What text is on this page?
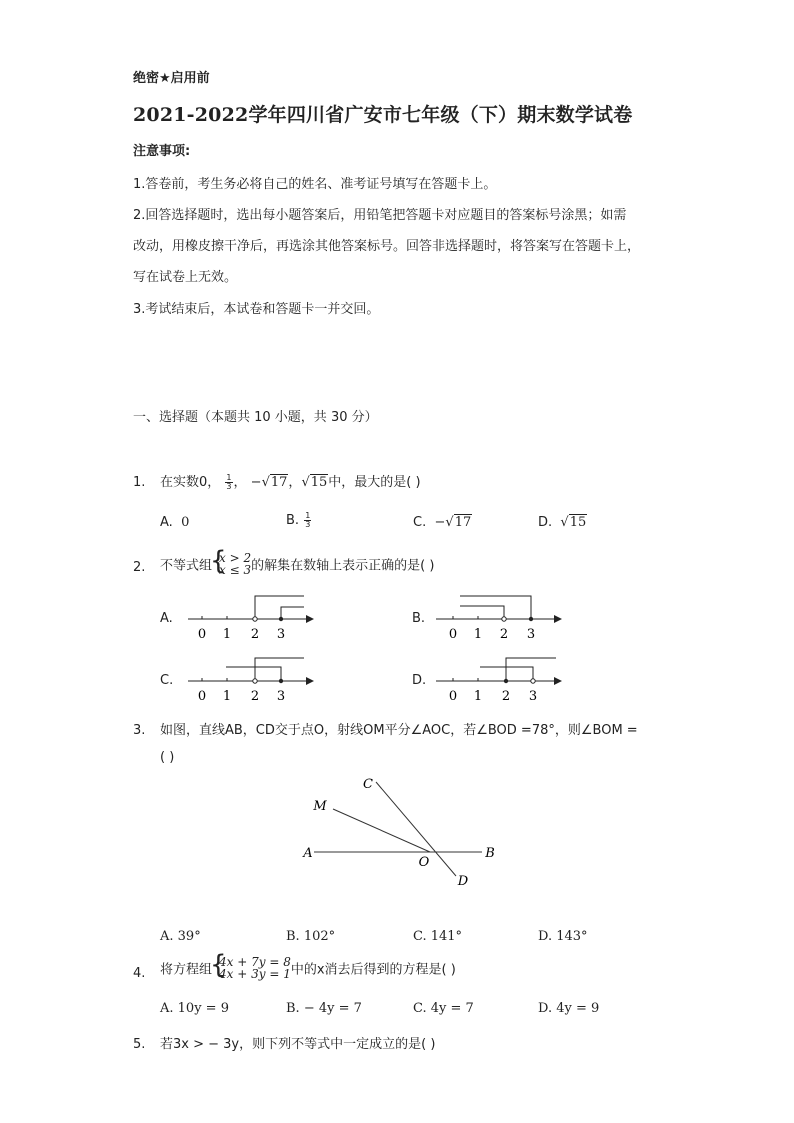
绝密★启用前
2021-2022学年四川省广安市七年级（下）期末数学试卷
注意事项:
1.答卷前，考生务必将自己的姓名、准考证号填写在答题卡上。
2.回答选择题时，选出每小题答案后，用铅笔把答题卡对应题目的答案标号涂黑；如需
改动，用橡皮擦干净后，再选涂其他答案标号。回答非选择题时，将答案写在答题卡上，
写在试卷上无效。
3.考试结束后，本试卷和答题卡一并交回。
一、选择题（本题共 10 小题，共 30 分）
1. 在实数0， $\frac{1}{3}$ ， −√17，√15中，最大的是( )
A. 0	B. $\frac{1}{3}$	C. −√17	D. √15
2. 不等式组
{ x > 2
x ≤ 3 的解集在数轴上表示正确的是( )
A.	B.
C.	D.
0 1 2 3	0 1 2 3
0 1 2 3	0 1 2 3
3. 如图，直线AB，CD交于点O，射线OM平分∠AOC，若∠BOD =78°，则∠BOM =
( )
A	B
C
D
M
O
A. 39°	B. 102°	C. 141°	D. 143°
4. 将方程组
{ 4x + 7y = 8
4x + 3y = 1 中的x消去后得到的方程是( )
A. 10y = 9	B. − 4y = 7	C. 4y = 7	D. 4y = 9
5. 若3x > − 3y，则下列不等式中一定成立的是( )
